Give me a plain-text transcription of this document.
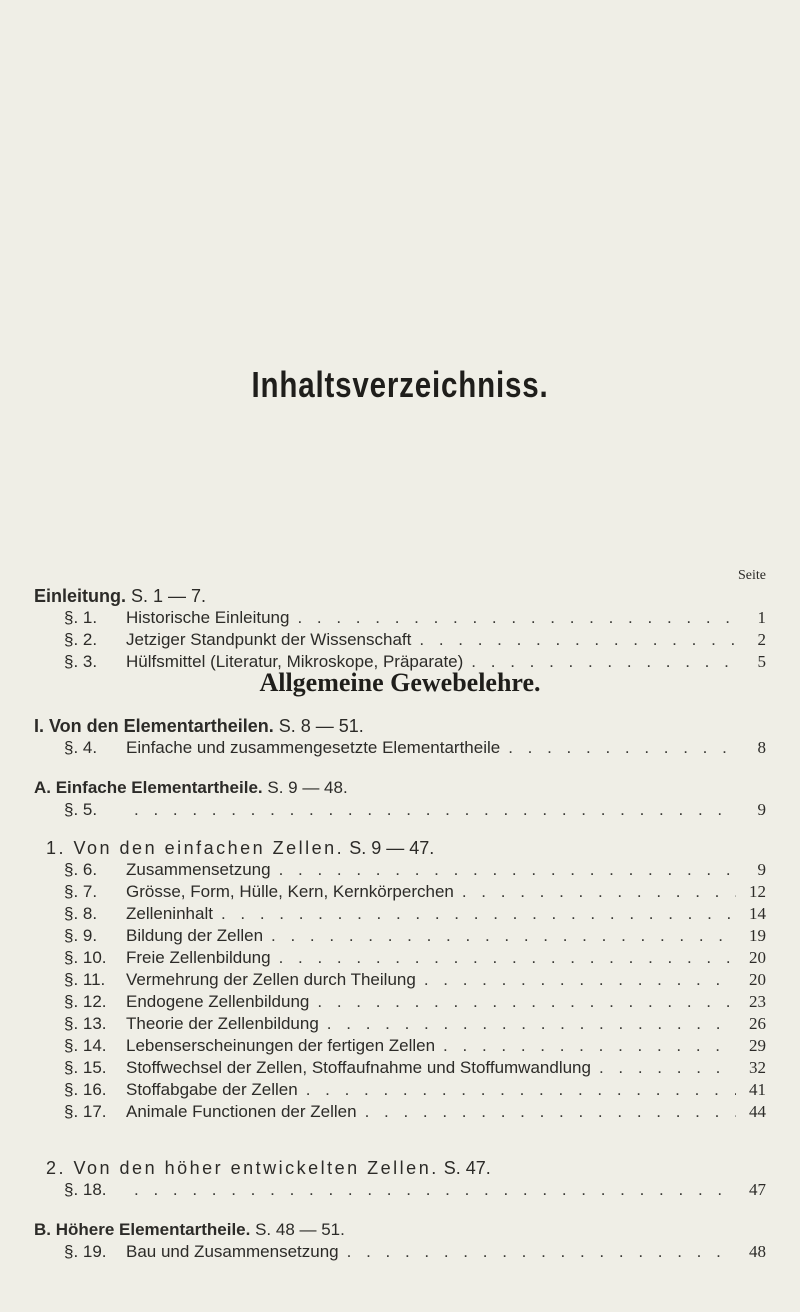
Inhaltsverzeichniss.
Seite
Einleitung. S. 1 — 7.
§. 1.	Historische Einleitung . . .	1
§. 2.	Jetziger Standpunkt der Wissenschaft . . .	2
§. 3.	Hülfsmittel (Literatur, Mikroskope, Präparate) . . .	5
Allgemeine Gewebelehre.
I. Von den Elementartheilen. S. 8 — 51.
§. 4.	Einfache und zusammengesetzte Elementartheile . . .	8
A. Einfache Elementartheile. S. 9 — 48.
§. 5. . . .	9
1. Von den einfachen Zellen. S. 9 — 47.
§. 6.	Zusammensetzung . . .	9
§. 7.	Grösse, Form, Hülle, Kern, Kernkörperchen . . .	12
§. 8.	Zelleninhalt . . .	14
§. 9.	Bildung der Zellen . . .	19
§. 10.	Freie Zellenbildung . . .	20
§. 11.	Vermehrung der Zellen durch Theilung . . .	20
§. 12.	Endogene Zellenbildung . . .	23
§. 13.	Theorie der Zellenbildung . . .	26
§. 14.	Lebenserscheinungen der fertigen Zellen . . .	29
§. 15.	Stoffwechsel der Zellen, Stoffaufnahme und Stoffumwandlung . . .	32
§. 16.	Stoffabgabe der Zellen . . .	41
§. 17.	Animale Functionen der Zellen . . .	44
2. Von den höher entwickelten Zellen. S. 47.
§. 18. . . .	47
B. Höhere Elementartheile. S. 48 — 51.
§. 19.	Bau und Zusammensetzung . . .	48
